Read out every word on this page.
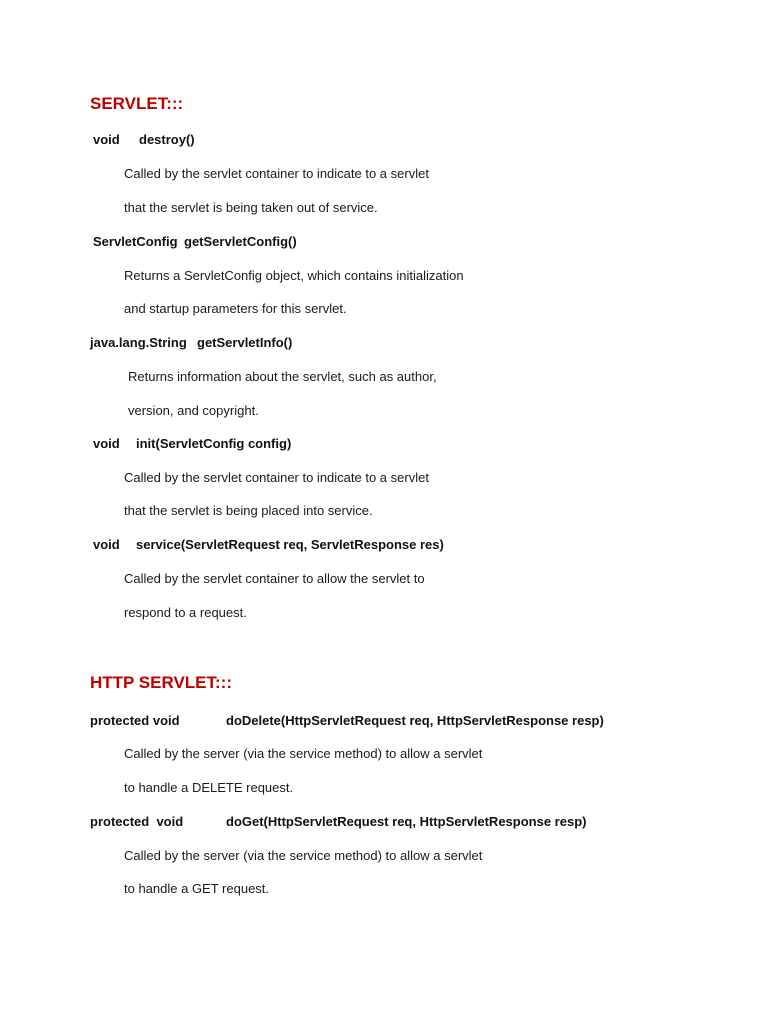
SERVLET:::
void destroy()
Called by the servlet container to indicate to a servlet
that the servlet is being taken out of service.
ServletConfig getServletConfig()
Returns a ServletConfig object, which contains initialization
and startup parameters for this servlet.
java.lang.String getServletInfo()
Returns information about the servlet, such as author,
version, and copyright.
void init(ServletConfig config)
Called by the servlet container to indicate to a servlet
that the servlet is being placed into service.
void service(ServletRequest req, ServletResponse res)
Called by the servlet container to allow the servlet to
respond to a request.
HTTP SERVLET:::
protected void	doDelete(HttpServletRequest req, HttpServletResponse resp)
Called by the server (via the service method) to allow a servlet
to handle a DELETE request.
protected  void	doGet(HttpServletRequest req, HttpServletResponse resp)
Called by the server (via the service method) to allow a servlet
to handle a GET request.
